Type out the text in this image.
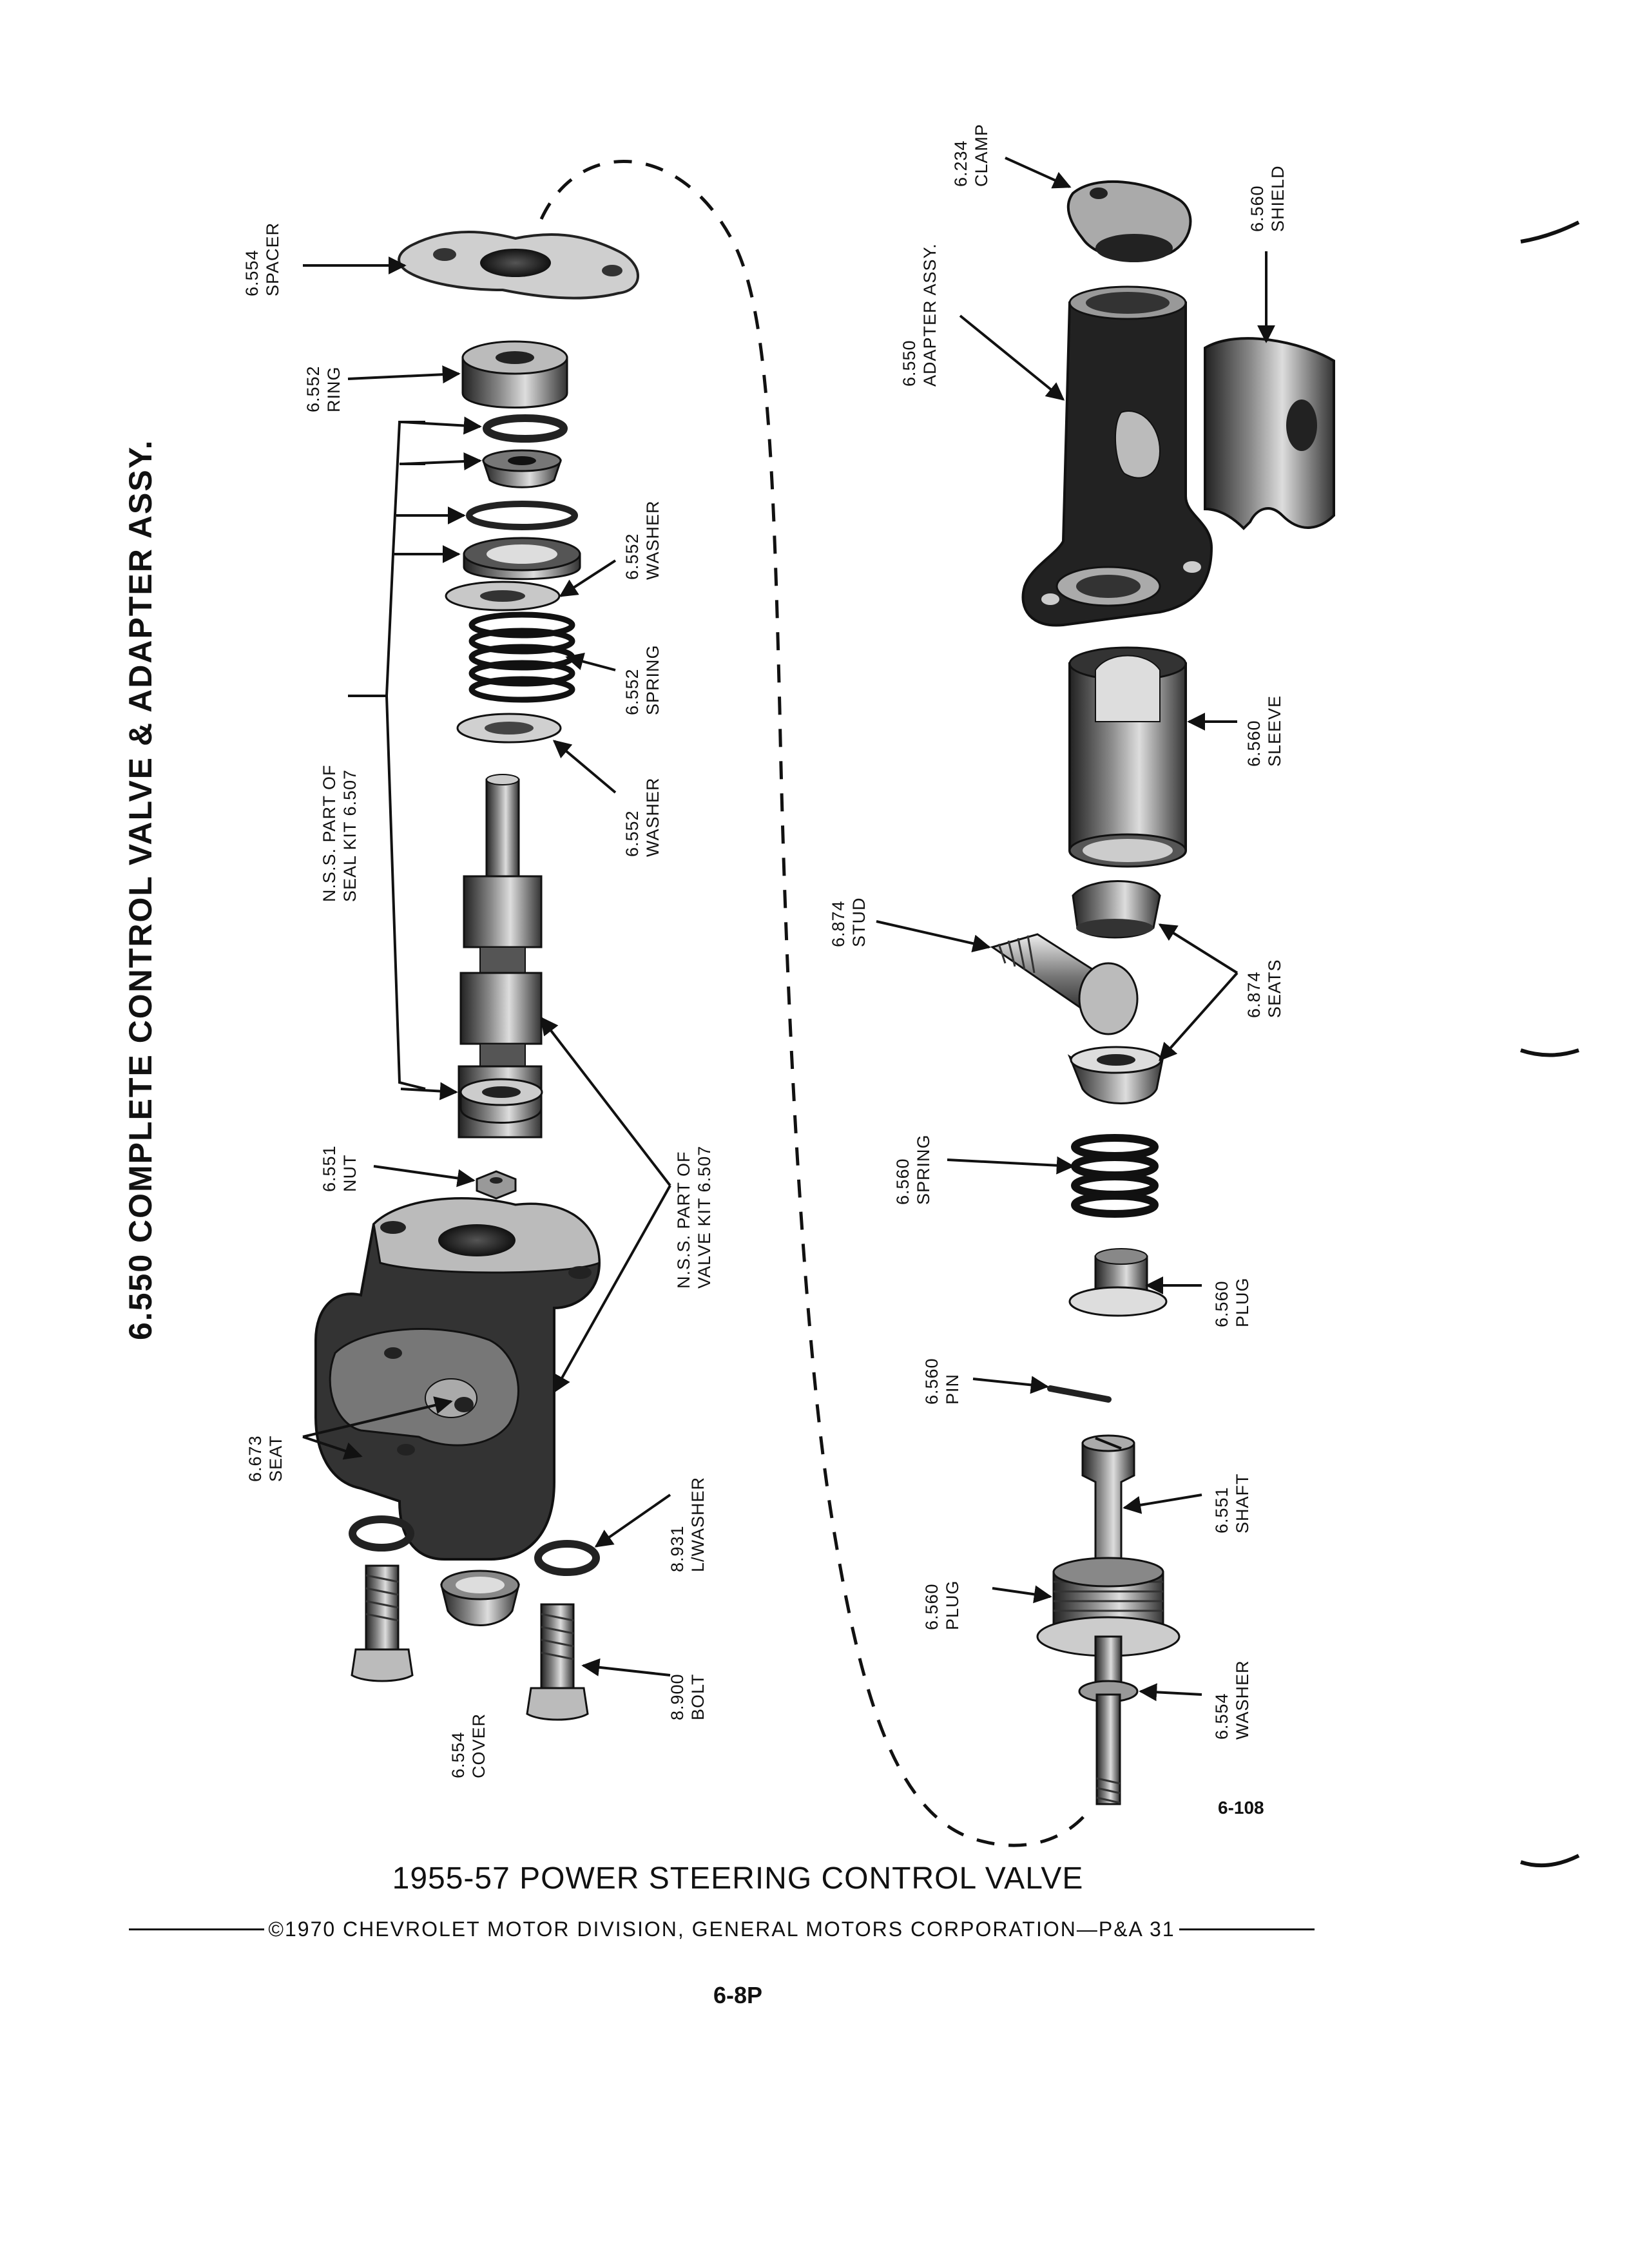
6.550 COMPLETE CONTROL VALVE & ADAPTER ASSY.
6.554 SPACER
6.552 RING
6.552 WASHER
6.552 SPRING
6.552 WASHER
N.S.S. PART OF SEAL KIT 6.507
N.S.S. PART OF VALVE KIT 6.507
6.551 NUT
6.673 SEAT
8.931 L/WASHER
6.554 COVER
8.900 BOLT
6.234 CLAMP
6.550 ADAPTER ASSY.
6.560 SHIELD
6.560 SLEEVE
6.874 STUD
6.874 SEATS
6.560 SPRING
6.560 PLUG
6.560 PIN
6.551 SHAFT
6.560 PLUG
6.554 WASHER
6-108
1955-57 POWER STEERING CONTROL VALVE
©1970 CHEVROLET MOTOR DIVISION, GENERAL MOTORS CORPORATION—P&A 31
6-8P
